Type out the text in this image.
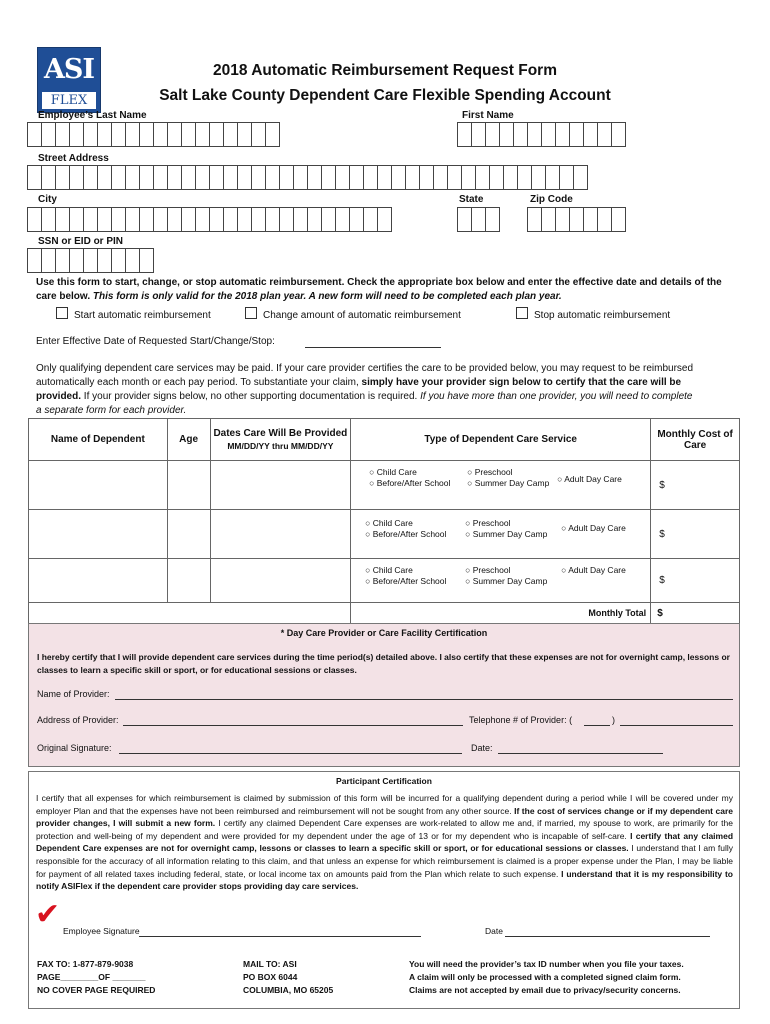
ASI
FLEX
2018 Automatic Reimbursement Request Form
Salt Lake County Dependent Care Flexible Spending Account
Employee’s Last Name	First Name
Street Address
City	State	Zip Code
SSN or EID or PIN
Use this form to start, change, or stop automatic reimbursement. Check the appropriate box below and enter the effective date and details of the
care below. This form is only valid for the 2018 plan year. A new form will need to be completed each plan year.
Start automatic reimbursement	Change amount of automatic reimbursement	Stop automatic reimbursement
Enter Effective Date of Requested Start/Change/Stop:
Only qualifying dependent care services may be paid. If your care provider certifies the care to be provided below, you may request to be reimbursed
automatically each month or each pay period. To substantiate your claim, simply have your provider sign below to certify that the care will be
provided. If your provider signs below, no other supporting documentation is required. If you have more than one provider, you will need to complete
a separate form for each provider.
Name of Dependent	Age	Dates Care Will Be Provided
MM/DD/YY thru MM/DD/YY	Type of Dependent Care Service	Monthly Cost of Care

			○ Child Care
○ Before/After School
○ Preschool
○ Summer Day Camp ○ Adult Day Care	$

			○ Child Care
○ Before/After School
○ Preschool
○ Summer Day Camp
○ Adult Day Care	$

			○ Child Care
○ Before/After School
○ Preschool
○ Summer Day Camp
○ Adult Day Care	$
			Monthly Total	$
* Day Care Provider or Care Facility Certification
I hereby certify that I will provide dependent care services during the time period(s) detailed above. I also certify that these expenses are not for overnight camp, lessons or classes to learn a specific skill or sport, or for educational sessions or classes.
Name of Provider:
Address of Provider:	Telephone # of Provider: (	)
Original Signature:	Date:
Participant Certification
I certify that all expenses for which reimbursement is claimed by submission of this form will be incurred for a qualifying dependent during a period while I will be covered under my employer Plan and that the expenses have not been reimbursed and reimbursement will not be sought from any other source. If the cost of services change or if my dependent care provider changes, I will submit a new form. I certify any claimed Dependent Care expenses are work-related to allow me and, if married, my spouse to work, are primarily for the protection and well-being of my dependent and were provided for my dependent under the age of 13 or for my dependent who is incapable of self-care. I certify that any claimed Dependent Care expenses are not for overnight camp, lessons or classes to learn a specific skill or sport, or for educational sessions or classes. I understand that I am fully responsible for the accuracy of all information relating to this claim, and that unless an expense for which reimbursement is claimed is a proper expense under the Plan, I may be liable for payment of all related taxes including federal, state, or local income tax on amounts paid from the Plan which relate to such expense. I understand that it is my responsibility to notify ASIFlex if the dependent care provider stops providing day care services.
✔ Employee Signature	Date
FAX TO: 1-877-879-9038
PAGE________OF _______
NO COVER PAGE REQUIRED
MAIL TO: ASI
PO BOX 6044
COLUMBIA, MO 65205
You will need the provider’s tax ID number when you file your taxes.
A claim will only be processed with a completed signed claim form.
Claims are not accepted by email due to privacy/security concerns.
